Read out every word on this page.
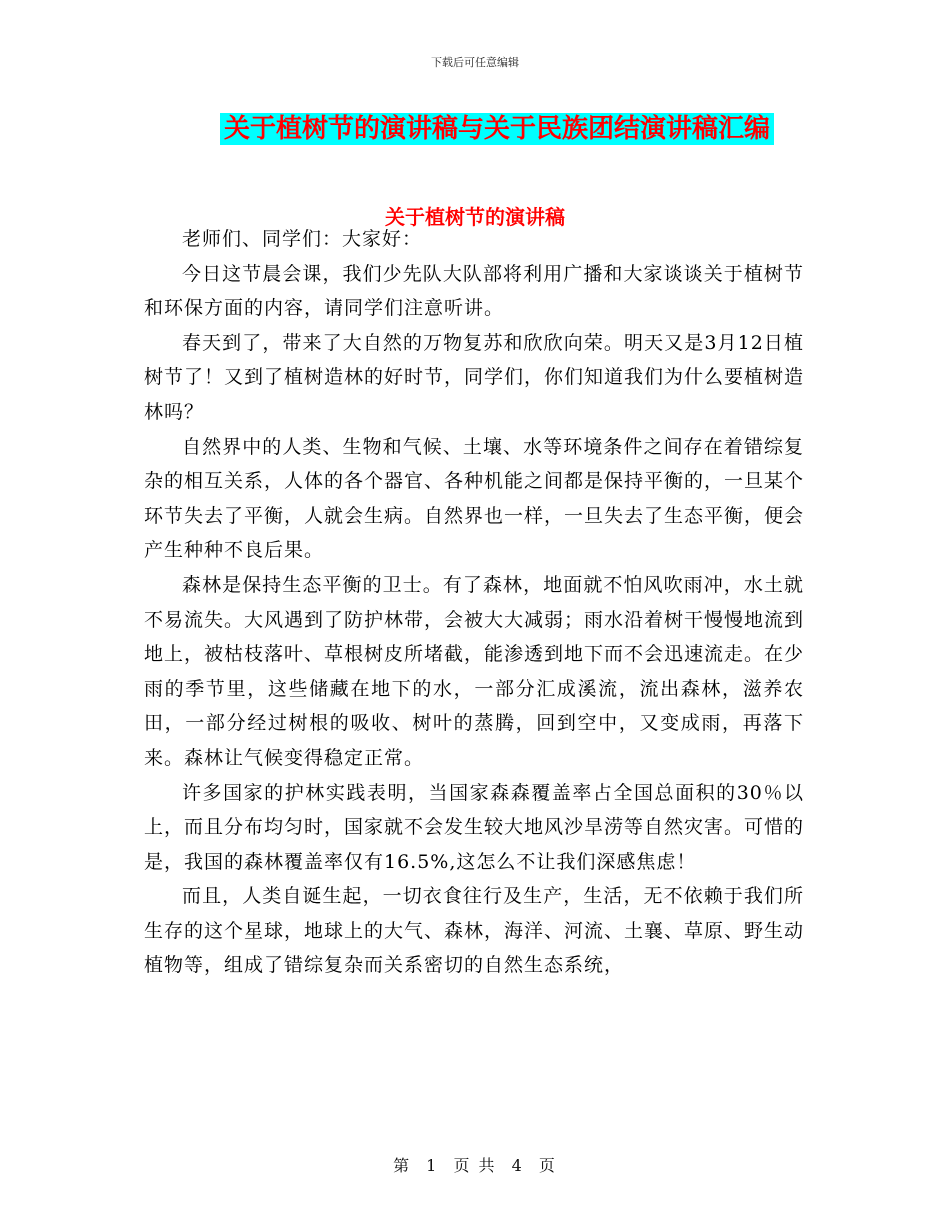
下载后可任意编辑
关于植树节的演讲稿与关于民族团结演讲稿汇编
关于植树节的演讲稿

老师们、同学们：大家好：

今日这节晨会课，我们少先队大队部将利用广播和大家谈谈关于植树节和环保方面的内容，请同学们注意听讲。

春天到了，带来了大自然的万物复苏和欣欣向荣。明天又是3月12日植树节了！又到了植树造林的好时节，同学们，你们知道我们为什么要植树造林吗？

自然界中的人类、生物和气候、土壤、水等环境条件之间存在着错综复杂的相互关系，人体的各个器官、各种机能之间都是保持平衡的，一旦某个环节失去了平衡，人就会生病。自然界也一样，一旦失去了生态平衡，便会产生种种不良后果。

森林是保持生态平衡的卫士。有了森林，地面就不怕风吹雨冲，水土就不易流失。大风遇到了防护林带，会被大大减弱；雨水沿着树干慢慢地流到地上，被枯枝落叶、草根树皮所堵截，能渗透到地下而不会迅速流走。在少雨的季节里，这些储藏在地下的水，一部分汇成溪流，流出森林，滋养农田，一部分经过树根的吸收、树叶的蒸腾，回到空中，又变成雨，再落下来。森林让气候变得稳定正常。

许多国家的护林实践表明，当国家森森覆盖率占全国总面积的30％以上，而且分布均匀时，国家就不会发生较大地风沙旱涝等自然灾害。可惜的是，我国的森林覆盖率仅有16.5%,这怎么不让我们深感焦虑！

而且，人类自诞生起，一切衣食往行及生产，生活，无不依赖于我们所生存的这个星球，地球上的大气、森林，海洋、河流、土襄、草原、野生动植物等，组成了错综复杂而关系密切的自然生态系统，

第 1 页 共 4 页
